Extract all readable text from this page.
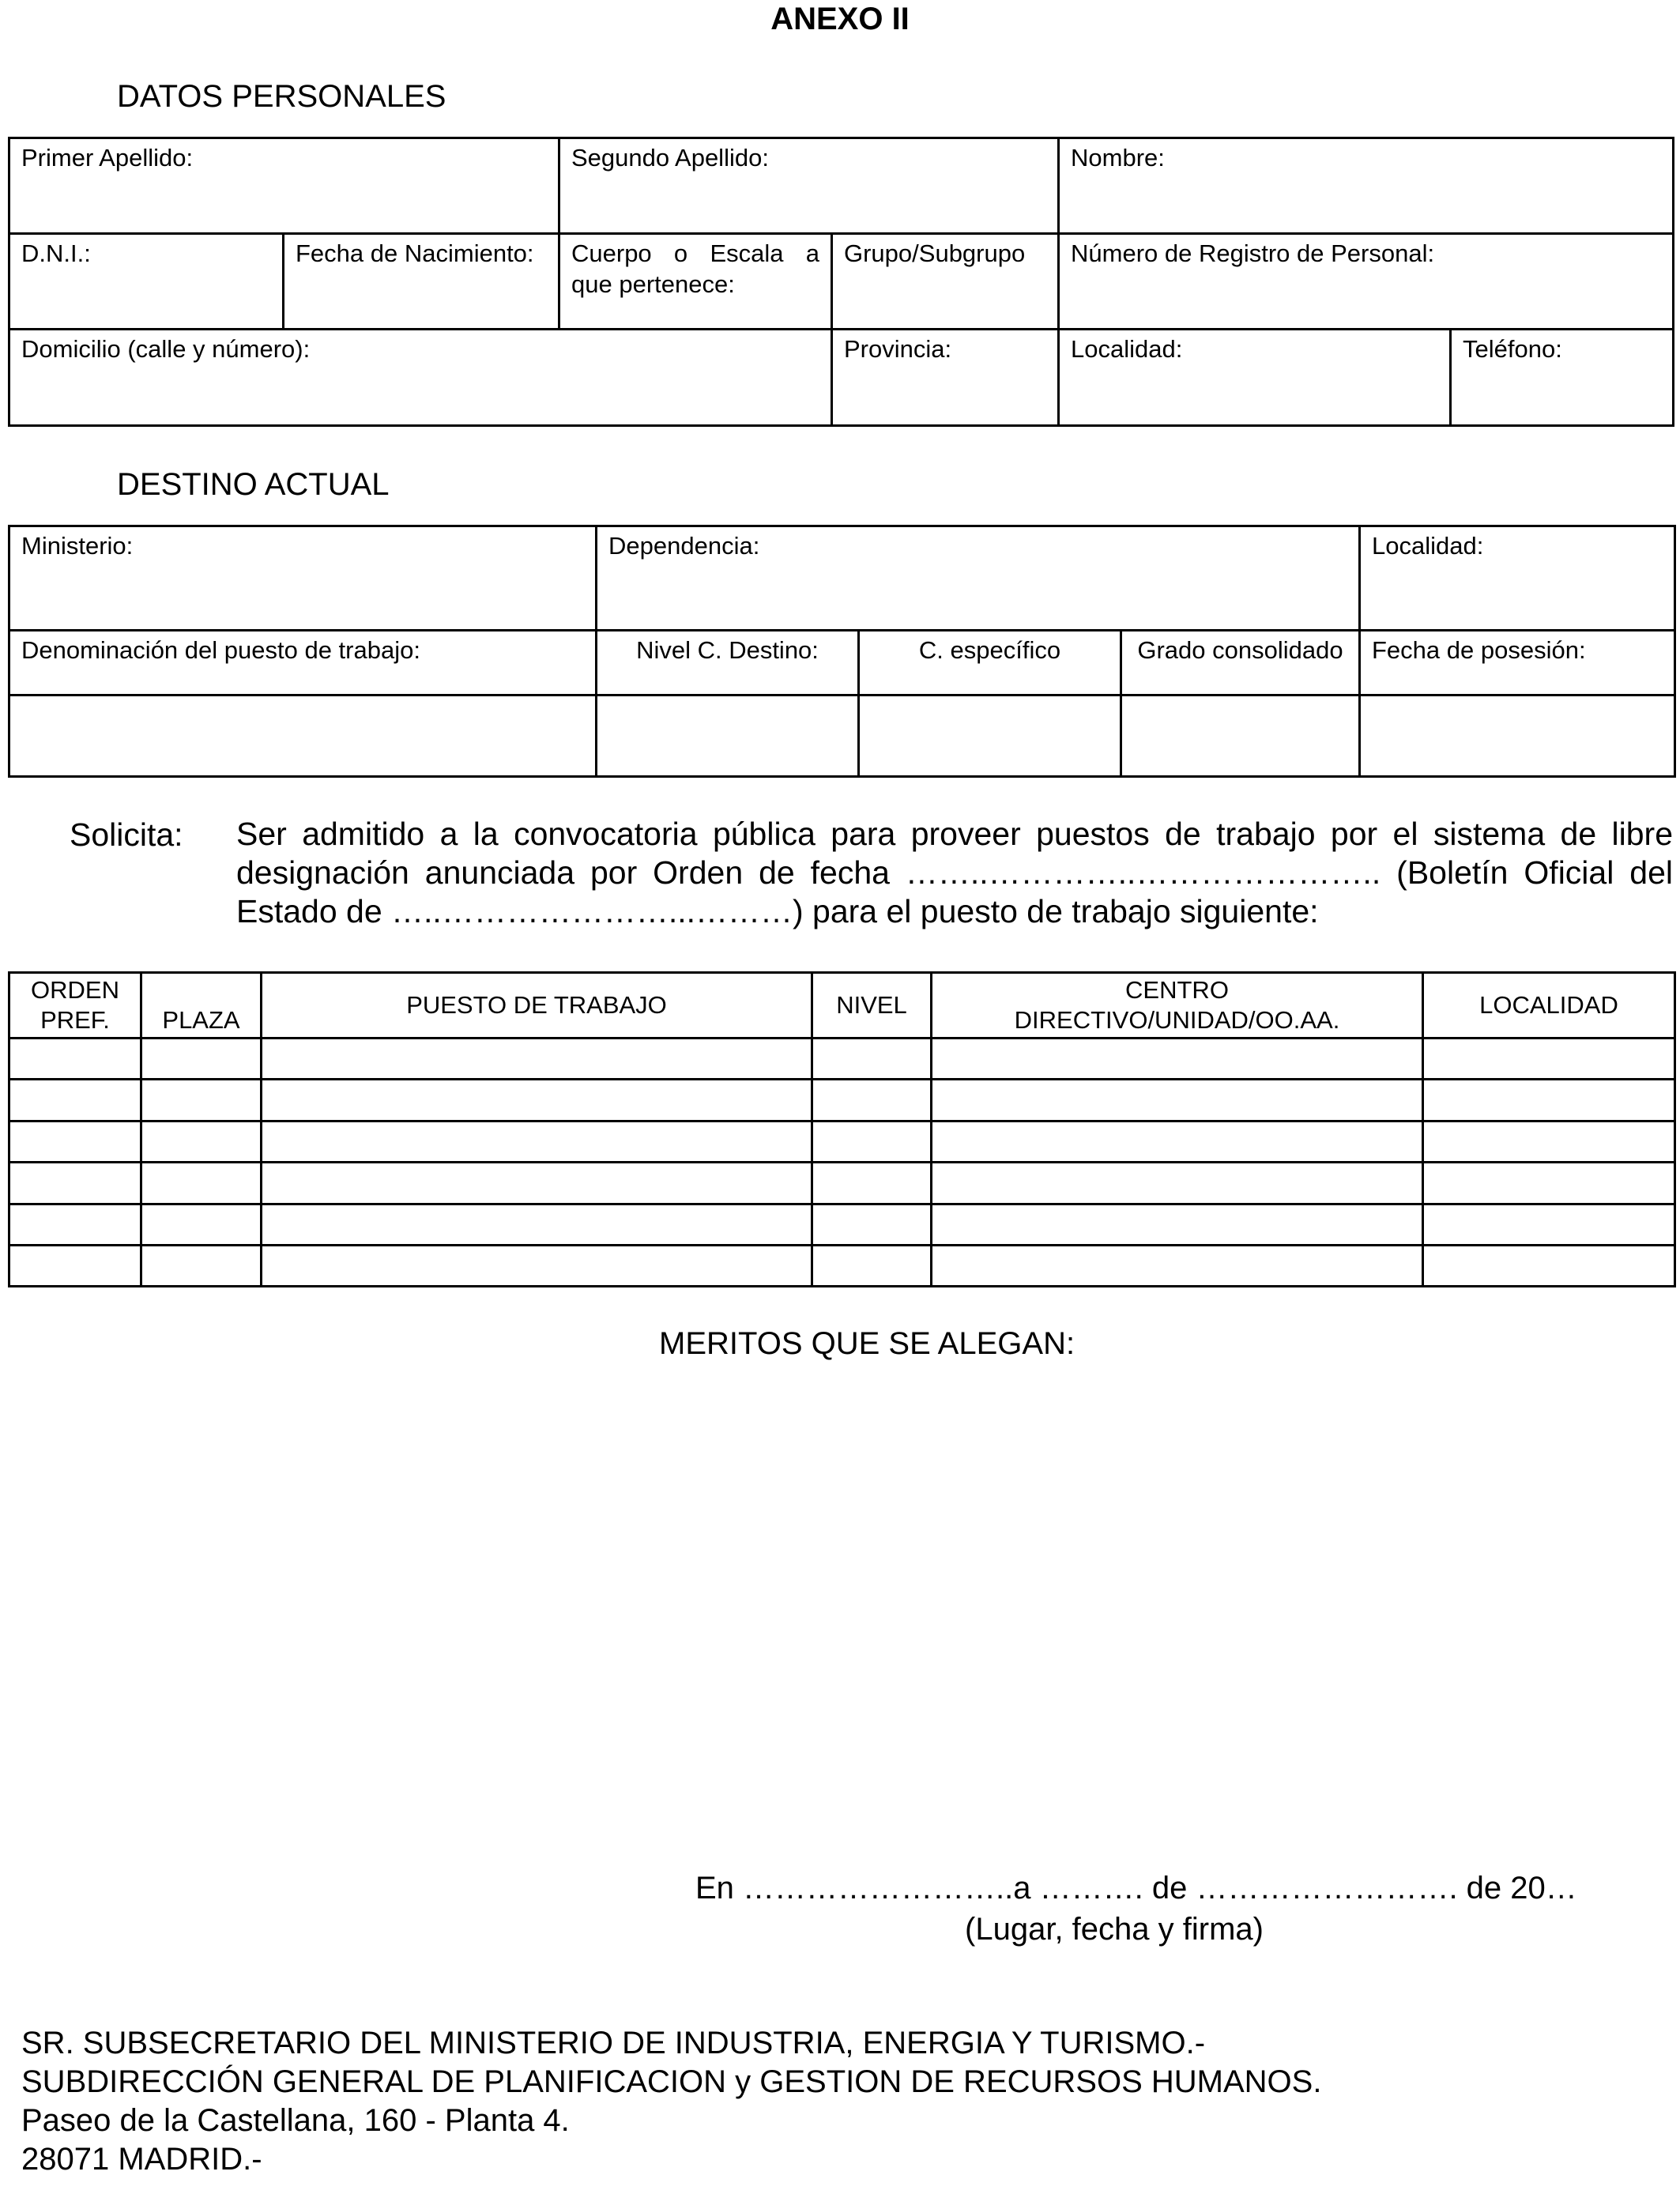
ANEXO II
DATOS PERSONALES
Primer Apellido:		Segundo Apellido:		Nombre:	
D.N.I.:	Fecha de Nacimiento:	Cuerpo o Escala a que pertenece:	Grupo/Subgrupo	Número de Registro de Personal:	
Domicilio (calle y número):			Provincia:	Localidad:	Teléfono:
DESTINO ACTUAL
Ministerio:	Dependencia:			Localidad:
Denominación del puesto de trabajo:	Nivel C. Destino:	C. específico	Grado consolidado	Fecha de posesión:

Solicita: Ser admitido a la convocatoria pública para proveer puestos de trabajo por el sistema de libre designación anunciada por Orden de fecha ……..…………..………………….. (Boletín Oficial del Estado de …..…………………...………) para el puesto de trabajo siguiente:
ORDEN PREF.	PLAZA	PUESTO DE TRABAJO	NIVEL	CENTRO DIRECTIVO/UNIDAD/OO.AA.	LOCALIDAD

MERITOS QUE SE ALEGAN:
En ……………………..a ………. de ……………………. de 20…
(Lugar, fecha y firma)
SR. SUBSECRETARIO DEL MINISTERIO DE INDUSTRIA, ENERGIA Y TURISMO.-
SUBDIRECCIÓN GENERAL DE PLANIFICACION y GESTION DE RECURSOS HUMANOS.
Paseo de la Castellana, 160 - Planta 4.
28071 MADRID.-
